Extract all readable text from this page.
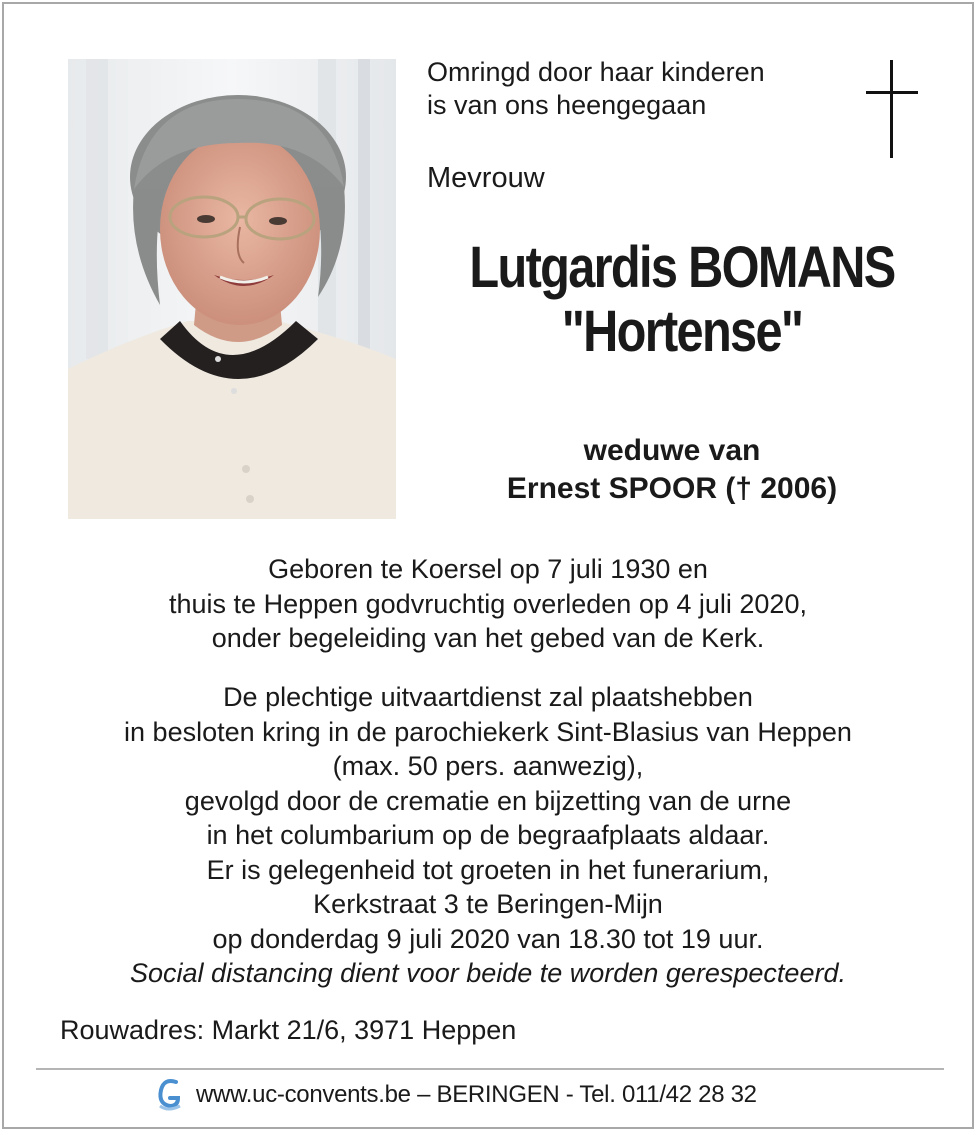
Omringd door haar kinderen
is van ons heengegaan
Mevrouw
Lutgardis BOMANS
"Hortense"
weduwe van
Ernest SPOOR († 2006)
Geboren te Koersel op 7 juli 1930 en
thuis te Heppen godvruchtig overleden op 4 juli 2020,
onder begeleiding van het gebed van de Kerk.
De plechtige uitvaartdienst zal plaatshebben
in besloten kring in de parochiekerk Sint-Blasius van Heppen
(max. 50 pers. aanwezig),
gevolgd door de crematie en bijzetting van de urne
in het columbarium op de begraafplaats aldaar.
Er is gelegenheid tot groeten in het funerarium,
Kerkstraat 3 te Beringen-Mijn
op donderdag 9 juli 2020 van 18.30 tot 19 uur.
Social distancing dient voor beide te worden gerespecteerd.
Rouwadres: Markt 21/6, 3971 Heppen
www.uc-convents.be – BERINGEN - Tel. 011/42 28 32
